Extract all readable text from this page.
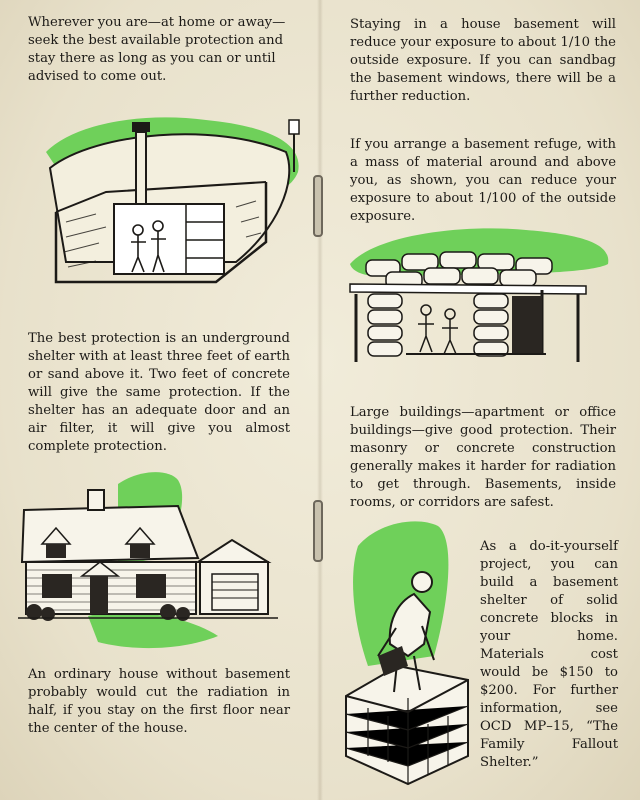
Wherever you are—at home or away—seek the best available protection and stay there as long as you can or until advised to come out.

The best protection is an underground shelter with at least three feet of earth or sand above it. Two feet of concrete will give the same protection. If the shelter has an adequate door and an air filter, it will give you almost complete protection.

An ordinary house without basement probably would cut the radiation in half, if you stay on the first floor near the center of the house.

Staying in a house basement will reduce your exposure to about 1/10 the outside exposure. If you can sandbag the basement windows, there will be a further reduction.

If you arrange a basement refuge, with a mass of material around and above you, as shown, you can reduce your exposure to about 1/100 of the outside exposure.

Large buildings—apartment or office buildings—give good protection. Their masonry or concrete construction generally makes it harder for radiation to get through. Basements, inside rooms, or corridors are safest.

As a do-it-yourself project, you can build a basement shelter of solid concrete blocks in your home. Materials cost would be $150 to $200. For further information, see OCD MP–15, “The Family Fallout Shelter.”
